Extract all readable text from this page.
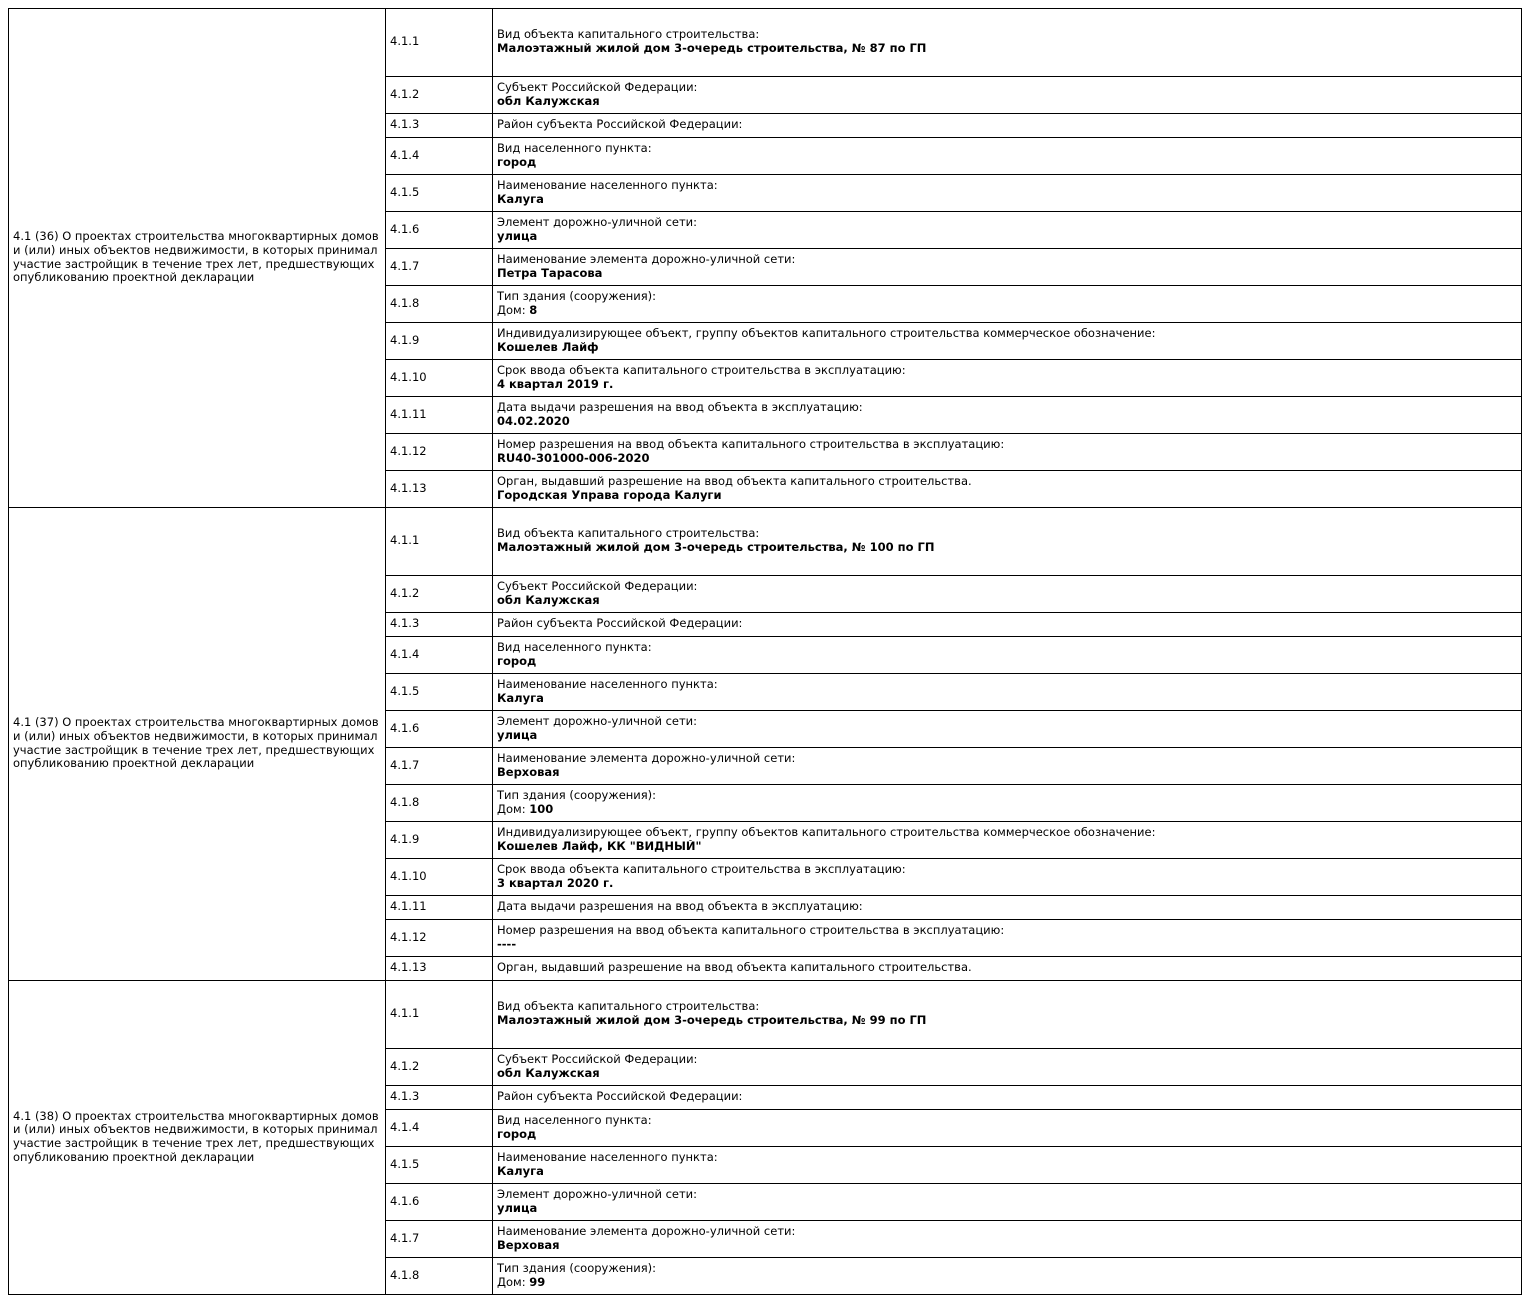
4.1 (36) О проектах строительства многоквартирных домов и (или) иных объектов недвижимости, в которых принимал участие застройщик в течение трех лет, предшествующих опубликованию проектной декларации	4.1.1	Вид объекта капитального строительства:
Малоэтажный жилой дом 3-очередь строительства, № 87 по ГП

	4.1.2	Субъект Российской Федерации:
обл Калужская

	4.1.3	Район субъекта Российской Федерации:

	4.1.4	Вид населенного пункта:
город

	4.1.5	Наименование населенного пункта:
Калуга

	4.1.6	Элемент дорожно-уличной сети:
улица

	4.1.7	Наименование элемента дорожно-уличной сети:
Петра Тарасова

	4.1.8	Тип здания (сооружения):
Дом: 8

	4.1.9	Индивидуализирующее объект, группу объектов капитального строительства коммерческое обозначение:
Кошелев Лайф

	4.1.10	Срок ввода объекта капитального строительства в эксплуатацию:
4 квартал 2019 г.

	4.1.11	Дата выдачи разрешения на ввод объекта в эксплуатацию:
04.02.2020

	4.1.12	Номер разрешения на ввод объекта капитального строительства в эксплуатацию:
RU40-301000-006-2020

	4.1.13	Орган, выдавший разрешение на ввод объекта капитального строительства.
Городская Управа города Калуги

4.1 (37) О проектах строительства многоквартирных домов и (или) иных объектов недвижимости, в которых принимал участие застройщик в течение трех лет, предшествующих опубликованию проектной декларации	4.1.1	Вид объекта капитального строительства:
Малоэтажный жилой дом 3-очередь строительства, № 100 по ГП

	4.1.2	Субъект Российской Федерации:
обл Калужская

	4.1.3	Район субъекта Российской Федерации:

	4.1.4	Вид населенного пункта:
город

	4.1.5	Наименование населенного пункта:
Калуга

	4.1.6	Элемент дорожно-уличной сети:
улица

	4.1.7	Наименование элемента дорожно-уличной сети:
Верховая

	4.1.8	Тип здания (сооружения):
Дом: 100

	4.1.9	Индивидуализирующее объект, группу объектов капитального строительства коммерческое обозначение:
Кошелев Лайф, КК "ВИДНЫЙ"

	4.1.10	Срок ввода объекта капитального строительства в эксплуатацию:
3 квартал 2020 г.

	4.1.11	Дата выдачи разрешения на ввод объекта в эксплуатацию:

	4.1.12	Номер разрешения на ввод объекта капитального строительства в эксплуатацию:
----

	4.1.13	Орган, выдавший разрешение на ввод объекта капитального строительства.

4.1 (38) О проектах строительства многоквартирных домов и (или) иных объектов недвижимости, в которых принимал участие застройщик в течение трех лет, предшествующих опубликованию проектной декларации	4.1.1	Вид объекта капитального строительства:
Малоэтажный жилой дом 3-очередь строительства, № 99 по ГП

	4.1.2	Субъект Российской Федерации:
обл Калужская

	4.1.3	Район субъекта Российской Федерации:

	4.1.4	Вид населенного пункта:
город

	4.1.5	Наименование населенного пункта:
Калуга

	4.1.6	Элемент дорожно-уличной сети:
улица

	4.1.7	Наименование элемента дорожно-уличной сети:
Верховая

	4.1.8	Тип здания (сооружения):
Дом: 99
